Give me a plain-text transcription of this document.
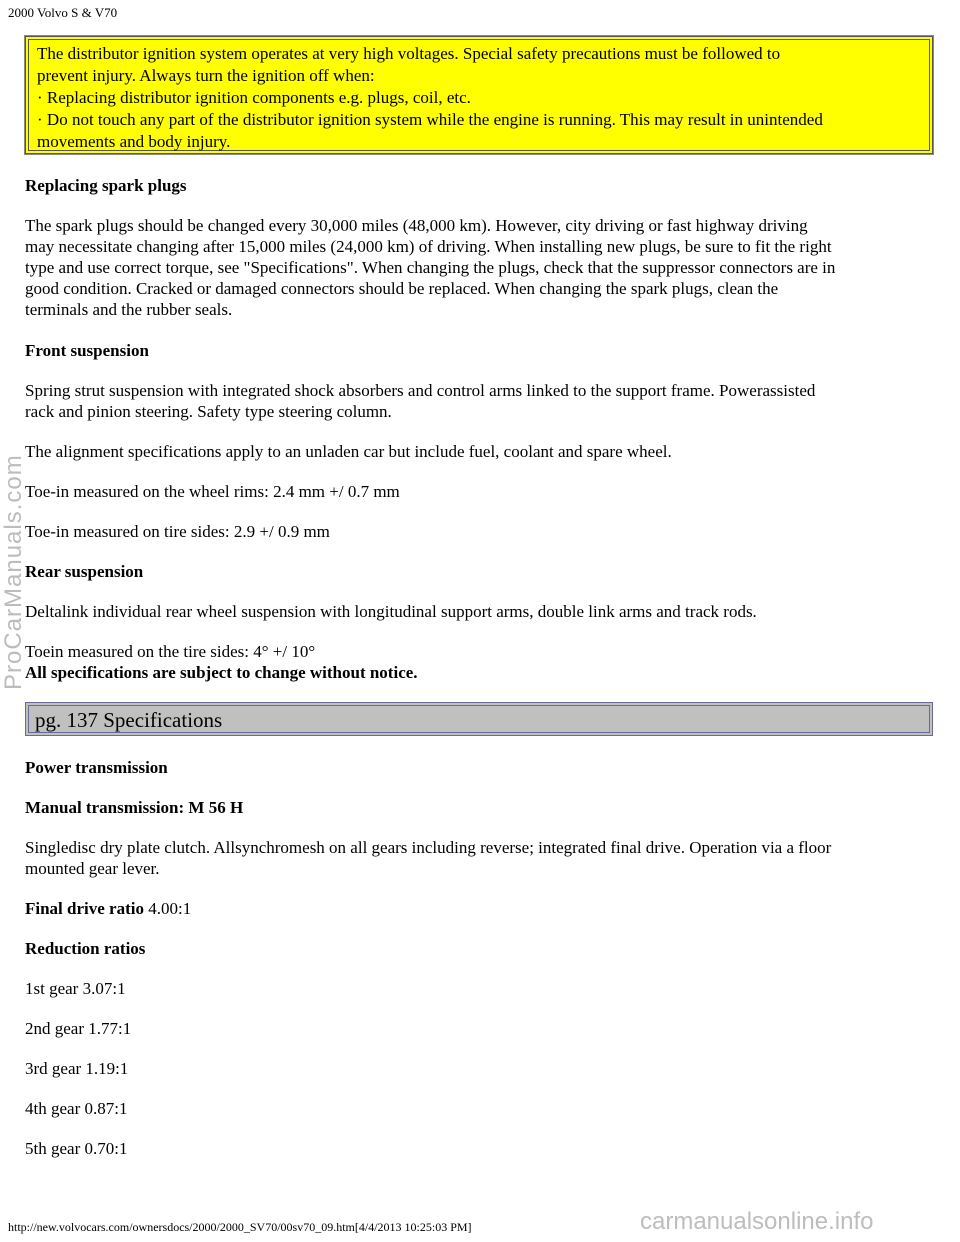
2000 Volvo S & V70
The distributor ignition system operates at very high voltages. Special safety precautions must be followed to
prevent injury. Always turn the ignition off when:
· Replacing distributor ignition components e.g. plugs, coil, etc.
· Do not touch any part of the distributor ignition system while the engine is running. This may result in unintended
movements and body injury.
Replacing spark plugs
The spark plugs should be changed every 30,000 miles (48,000 km). However, city driving or fast highway driving
may necessitate changing after 15,000 miles (24,000 km) of driving. When installing new plugs, be sure to fit the right
type and use correct torque, see "Specifications". When changing the plugs, check that the suppressor connectors are in
good condition. Cracked or damaged connectors should be replaced. When changing the spark plugs, clean the
terminals and the rubber seals.
Front suspension
Spring strut suspension with integrated shock absorbers and control arms linked to the support frame. Powerassisted
rack and pinion steering. Safety type steering column.
The alignment specifications apply to an unladen car but include fuel, coolant and spare wheel.
Toe-in measured on the wheel rims: 2.4 mm +/ 0.7 mm
Toe-in measured on tire sides: 2.9 +/ 0.9 mm
Rear suspension
Deltalink individual rear wheel suspension with longitudinal support arms, double link arms and track rods.
Toein measured on the tire sides: 4° +/ 10°
All specifications are subject to change without notice.
pg. 137 Specifications
Power transmission
Manual transmission: M 56 H
Singledisc dry plate clutch. Allsynchromesh on all gears including reverse; integrated final drive. Operation via a floor
mounted gear lever.
Final drive ratio 4.00:1
Reduction ratios
1st gear 3.07:1
2nd gear 1.77:1
3rd gear 1.19:1
4th gear 0.87:1
5th gear 0.70:1
http://new.volvocars.com/ownersdocs/2000/2000_SV70/00sv70_09.htm[4/4/2013 10:25:03 PM]
ProCarManuals.com
carmanualsonline.info
